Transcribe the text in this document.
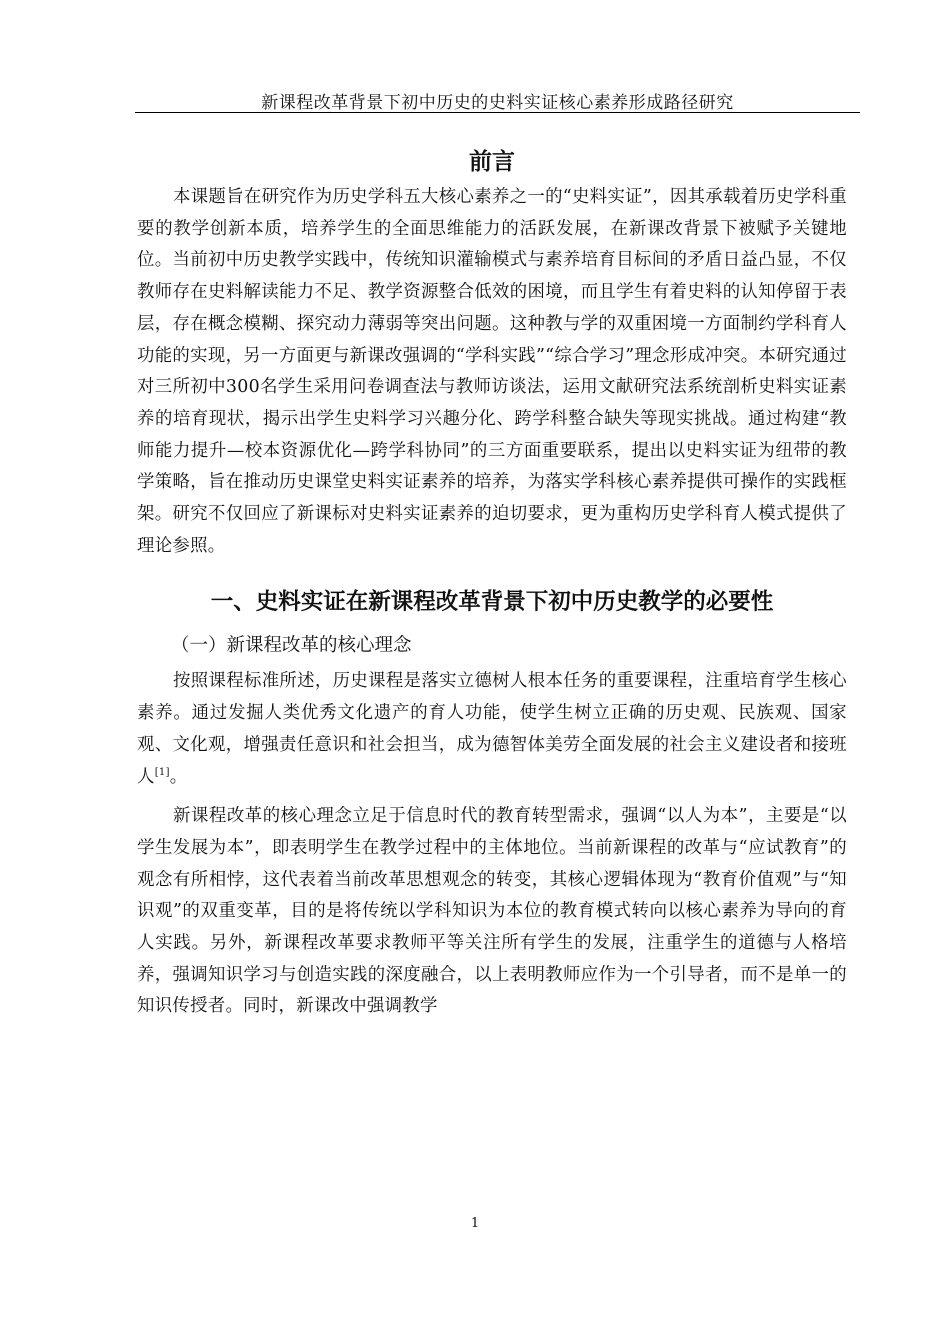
新课程改革背景下初中历史的史料实证核心素养形成路径研究
前言

本课题旨在研究作为历史学科五大核心素养之一的“史料实证”，因其承载着历史学科重要的教学创新本质，培养学生的全面思维能力的活跃发展，在新课改背景下被赋予关键地位。当前初中历史教学实践中，传统知识灌输模式与素养培育目标间的矛盾日益凸显，不仅教师存在史料解读能力不足、教学资源整合低效的困境，而且学生有着史料的认知停留于表层，存在概念模糊、探究动力薄弱等突出问题。这种教与学的双重困境一方面制约学科育人功能的实现，另一方面更与新课改强调的“学科实践”“综合学习”理念形成冲突。本研究通过对三所初中300名学生采用问卷调查法与教师访谈法，运用文献研究法系统剖析史料实证素养的培育现状，揭示出学生史料学习兴趣分化、跨学科整合缺失等现实挑战。通过构建“教师能力提升—校本资源优化—跨学科协同”的三方面重要联系，提出以史料实证为纽带的教学策略，旨在推动历史课堂史料实证素养的培养，为落实学科核心素养提供可操作的实践框架。研究不仅回应了新课标对史料实证素养的迫切要求，更为重构历史学科育人模式提供了理论参照。

一、史料实证在新课程改革背景下初中历史教学的必要性
（一）新课程改革的核心理念

按照课程标准所述，历史课程是落实立德树人根本任务的重要课程，注重培育学生核心素养。通过发掘人类优秀文化遗产的育人功能，使学生树立正确的历史观、民族观、国家观、文化观，增强责任意识和社会担当，成为德智体美劳全面发展的社会主义建设者和接班人[1]。

新课程改革的核心理念立足于信息时代的教育转型需求，强调“以人为本”，主要是“以学生发展为本”，即表明学生在教学过程中的主体地位。当前新课程的改革与“应试教育”的观念有所相悖，这代表着当前改革思想观念的转变，其核心逻辑体现为“教育价值观”与“知识观”的双重变革，目的是将传统以学科知识为本位的教育模式转向以核心素养为导向的育人实践。另外，新课程改革要求教师平等关注所有学生的发展，注重学生的道德与人格培养，强调知识学习与创造实践的深度融合，以上表明教师应作为一个引导者，而不是单一的知识传授者。同时，新课改中强调教学

1
